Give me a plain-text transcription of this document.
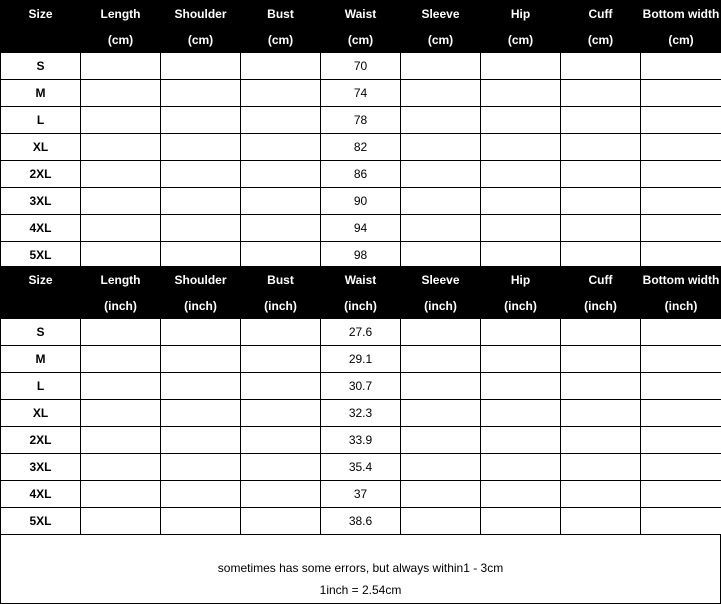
Size	Length	Shoulder	Bust	Waist	Sleeve	Hip	Cuff	Bottom width
	(cm)	(cm)	(cm)	(cm)	(cm)	(cm)	(cm)	(cm)
S				70				
M				74				
L				78				
XL				82				
2XL				86				
3XL				90				
4XL				94				
5XL				98				
Size	Length	Shoulder	Bust	Waist	Sleeve	Hip	Cuff	Bottom width
	(inch)	(inch)	(inch)	(inch)	(inch)	(inch)	(inch)	(inch)
S				27.6				
M				29.1				
L				30.7				
XL				32.3				
2XL				33.9				
3XL				35.4				
4XL				37				
5XL				38.6				
sometimes has some errors, but always within1 - 3cm
1inch = 2.54cm
